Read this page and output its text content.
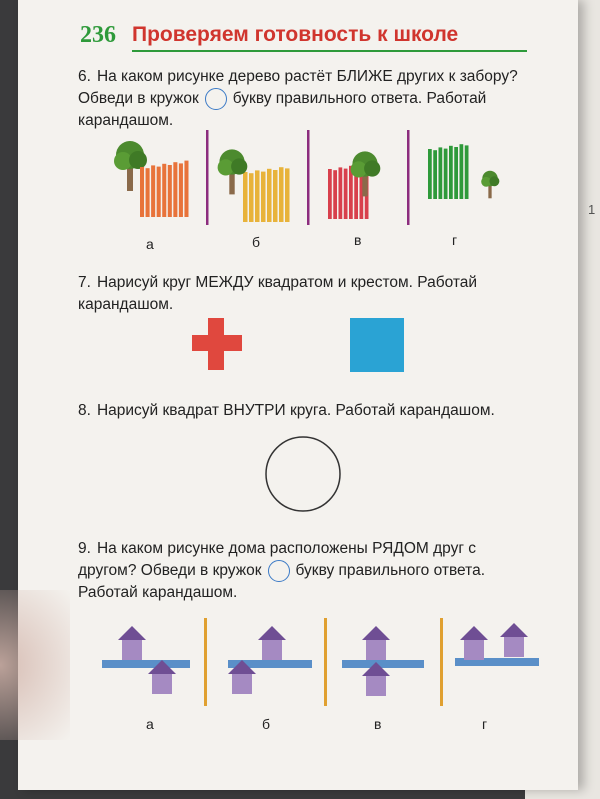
1
236 Проверяем готовность к школе
6. На каком рисунке дерево растёт БЛИЖЕ других к забору? Обведи в кружок букву правильного ответа. Работай карандашом.
а	б	в	г
7. Нарисуй круг МЕЖДУ квадратом и крестом. Работай карандашом.
8. Нарисуй квадрат ВНУТРИ круга. Работай карандашом.
9. На каком рисунке дома расположены РЯДОМ друг с другом? Обведи в кружок букву правильного ответа. Работай карандашом.
а	б	в	г
